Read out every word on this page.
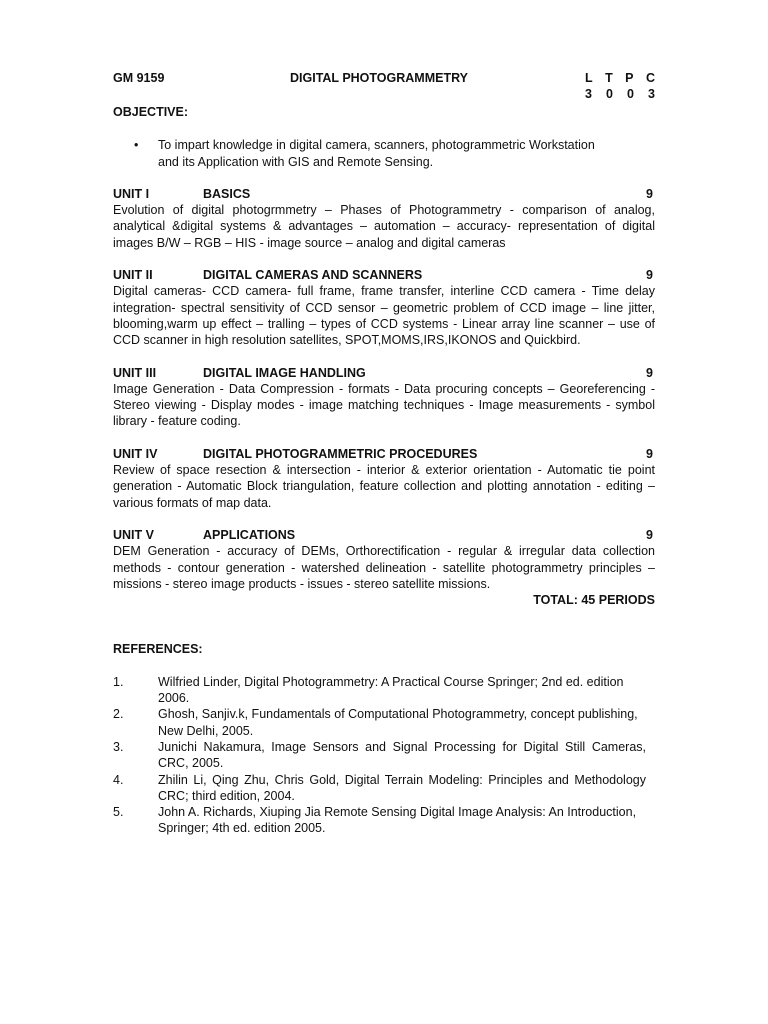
GM 9159	DIGITAL PHOTOGRAMMETRY	L T P C
3 0 0 3
OBJECTIVE:
• To impart knowledge in digital camera, scanners, photogrammetric Workstation
and its Application with GIS and Remote Sensing.
UNIT I	BASICS	9
Evolution of digital photogrmmetry – Phases of Photogrammetry - comparison of analog, analytical &digital systems & advantages – automation – accuracy- representation of digital images B/W – RGB – HIS - image source – analog and digital cameras
UNIT II	DIGITAL CAMERAS AND SCANNERS	9
Digital cameras- CCD camera- full frame, frame transfer, interline CCD camera - Time delay integration- spectral sensitivity of CCD sensor – geometric problem of CCD image – line jitter, blooming,warm up effect – tralling – types of CCD systems - Linear array line scanner – use of CCD scanner in high resolution satellites, SPOT,MOMS,IRS,IKONOS and Quickbird.
UNIT III	DIGITAL IMAGE HANDLING	9
Image Generation - Data Compression - formats - Data procuring concepts – Georeferencing - Stereo viewing - Display modes - image matching techniques - Image measurements - symbol library - feature coding.
UNIT IV	DIGITAL PHOTOGRAMMETRIC PROCEDURES	9
Review of space resection & intersection - interior & exterior orientation - Automatic tie point generation - Automatic Block triangulation, feature collection and plotting annotation - editing – various formats of map data.
UNIT V	APPLICATIONS	9
DEM Generation - accuracy of DEMs, Orthorectification - regular & irregular data collection methods - contour generation - watershed delineation - satellite photogrammetry principles – missions - stereo image products - issues - stereo satellite missions.
TOTAL: 45 PERIODS
REFERENCES:
1.	Wilfried Linder, Digital Photogrammetry: A Practical Course Springer; 2nd ed. edition 2006.
2.	Ghosh, Sanjiv.k, Fundamentals of Computational Photogrammetry, concept publishing, New Delhi, 2005.
3.	Junichi Nakamura, Image Sensors and Signal Processing for Digital Still Cameras, CRC, 2005.
4.	Zhilin Li, Qing Zhu, Chris Gold, Digital Terrain Modeling: Principles and Methodology CRC; third edition, 2004.
5.	John A. Richards, Xiuping Jia Remote Sensing Digital Image Analysis: An Introduction, Springer; 4th ed. edition 2005.
